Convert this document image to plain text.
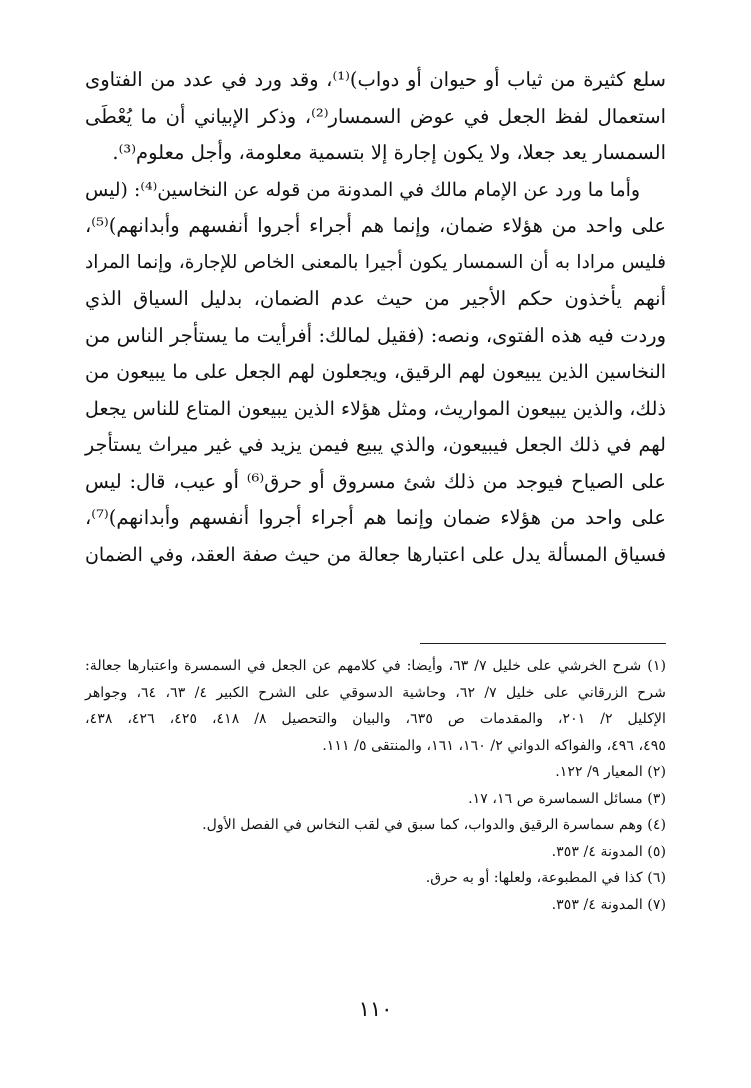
سلع كثيرة من ثياب أو حيوان أو دواب)⁽¹⁾، وقد ورد في عدد من الفتاوى
استعمال لفظ الجعل في عوض السمسار⁽²⁾، وذكر الإبياني أن ما يُعْطَى
السمسار يعد جعلا، ولا يكون إجارة إلا بتسمية معلومة، وأجل معلوم⁽³⁾.
وأما ما ورد عن الإمام مالك في المدونة من قوله عن النخاسين⁽⁴⁾: (ليس
على واحد من هؤلاء ضمان، وإنما هم أجراء أجروا أنفسهم وأبدانهم)⁽⁵⁾،
فليس مرادا به أن السمسار يكون أجيرا بالمعنى الخاص للإجارة، وإنما المراد
أنهم يأخذون حكم الأجير من حيث عدم الضمان، بدليل السياق الذي
وردت فيه هذه الفتوى، ونصه: (فقيل لمالك: أفرأيت ما يستأجر الناس من
النخاسين الذين يبيعون لهم الرقيق، ويجعلون لهم الجعل على ما يبيعون من
ذلك، والذين يبيعون المواريث، ومثل هؤلاء الذين يبيعون المتاع للناس يجعل
لهم في ذلك الجعل فيبيعون، والذي يبيع فيمن يزيد في غير ميراث يستأجر
على الصياح فيوجد من ذلك شئ مسروق أو حرق⁽⁶⁾ أو عيب، قال: ليس
على واحد من هؤلاء ضمان وإنما هم أجراء أجروا أنفسهم وأبدانهم)⁽⁷⁾،
فسياق المسألة يدل على اعتبارها جعالة من حيث صفة العقد، وفي الضمان
(١) شرح الخرشي على خليل ٧/ ٦٣، وأيضا: في كلامهم عن الجعل في السمسرة واعتبارها جعالة:
شرح الزرقاني على خليل ٧/ ٦٢، وحاشية الدسوقي على الشرح الكبير ٤/ ٦٣، ٦٤، وجواهر
الإكليل ٢/ ٢٠١، والمقدمات ص ٦٣٥، والبيان والتحصيل ٨/ ٤١٨، ٤٢٥، ٤٢٦، ٤٣٨،
٤٩٥، ٤٩٦، والفواكه الدواني ٢/ ١٦٠، ١٦١، والمنتقى ٥/ ١١١.
(٢) المعيار ٩/ ١٢٢.
(٣) مسائل السماسرة ص ١٦، ١٧.
(٤) وهم سماسرة الرقيق والدواب، كما سبق في لقب النخاس في الفصل الأول.
(٥) المدونة ٤/ ٣٥٣.
(٦) كذا في المطبوعة، ولعلها: أو به حرق.
(٧) المدونة ٤/ ٣٥٣.
١١٠
